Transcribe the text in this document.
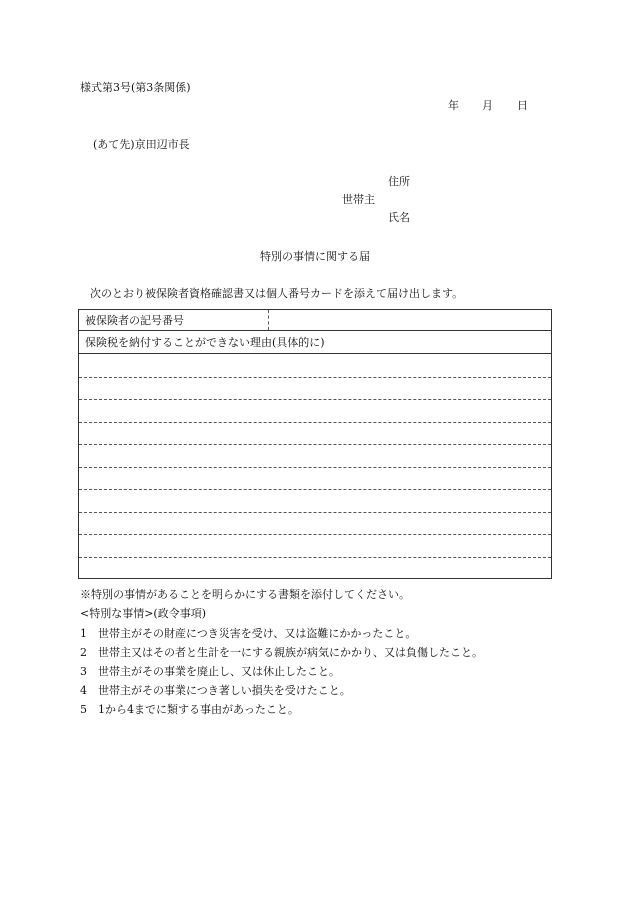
様式第3号(第3条関係)
年 月 日
(あて先)京田辺市長
住所
世帯主
氏名
特別の事情に関する届
次のとおり被保険者資格確認書又は個人番号カードを添えて届け出します。
被保険者の記号番号
保険税を納付することができない理由(具体的に)
※特別の事情があることを明らかにする書類を添付してください。
<特別な事情>(政令事項)
1 世帯主がその財産につき災害を受け、又は盗難にかかったこと。
2 世帯主又はその者と生計を一にする親族が病気にかかり、又は負傷したこと。
3 世帯主がその事業を廃止し、又は休止したこと。
4 世帯主がその事業につき著しい損失を受けたこと。
5 1から4までに類する事由があったこと。
